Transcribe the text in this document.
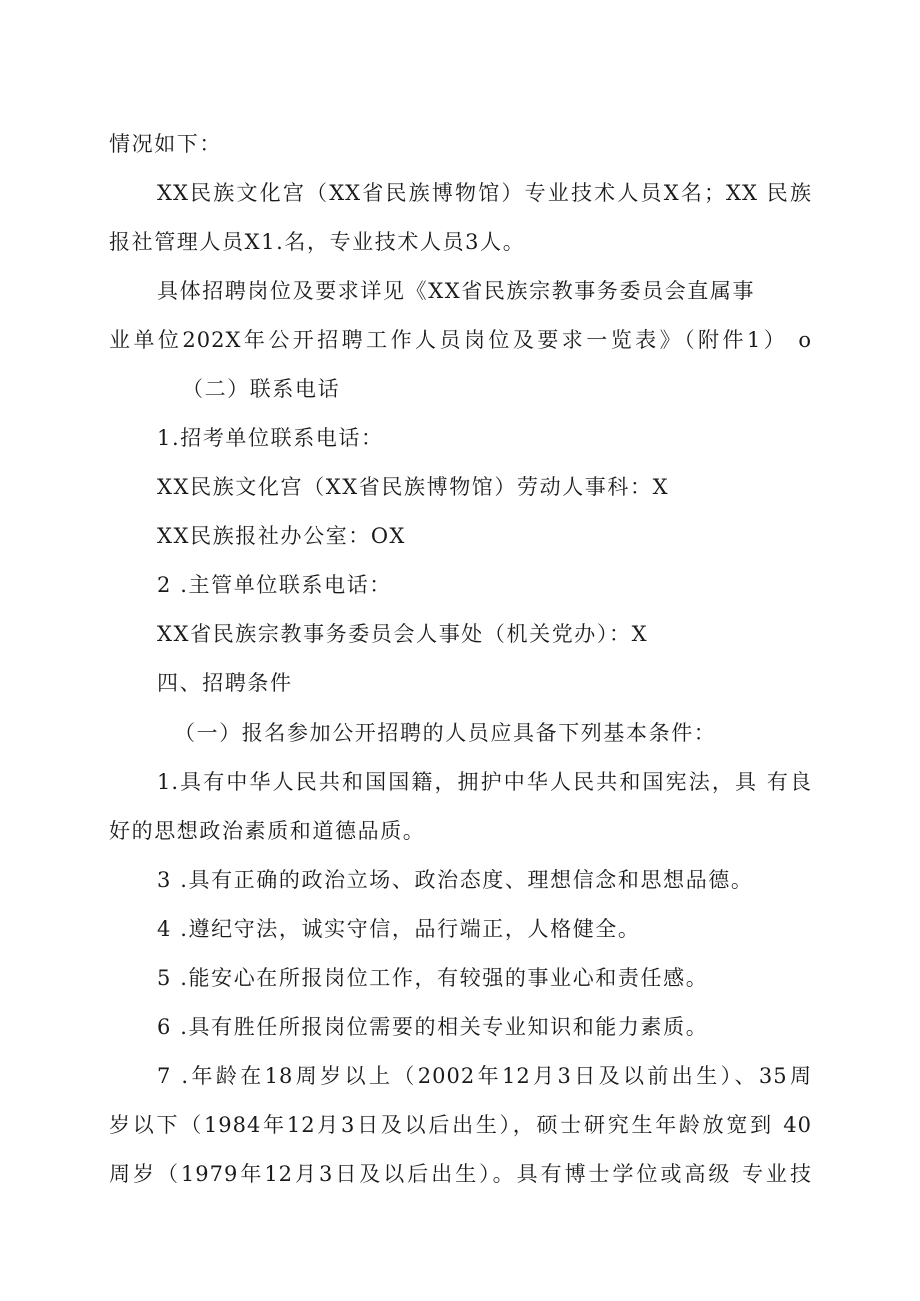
情况如下：
XX民族文化宫（XX省民族博物馆）专业技术人员X名；XX 民族
报社管理人员X1.名，专业技术人员3人。
具体招聘岗位及要求详见《XX省民族宗教事务委员会直属事
业单位202X年公开招聘工作人员岗位及要求一览表》（附件1） o
（二）联系电话
1.招考单位联系电话：
XX民族文化宫（XX省民族博物馆）劳动人事科：X
XX民族报社办公室：OX
2 .主管单位联系电话：
XX省民族宗教事务委员会人事处（机关党办）：X
四、招聘条件
（一）报名参加公开招聘的人员应具备下列基本条件：
1.具有中华人民共和国国籍，拥护中华人民共和国宪法，具 有良
好的思想政治素质和道德品质。
3 .具有正确的政治立场、政治态度、理想信念和思想品德。
4 .遵纪守法，诚实守信，品行端正，人格健全。
5 .能安心在所报岗位工作，有较强的事业心和责任感。
6 .具有胜任所报岗位需要的相关专业知识和能力素质。
7 .年龄在18周岁以上（2002年12月3日及以前出生）、35周
岁以下（1984年12月3日及以后出生），硕士研究生年龄放宽到 40
周岁（1979年12月3日及以后出生）。具有博士学位或高级 专业技
